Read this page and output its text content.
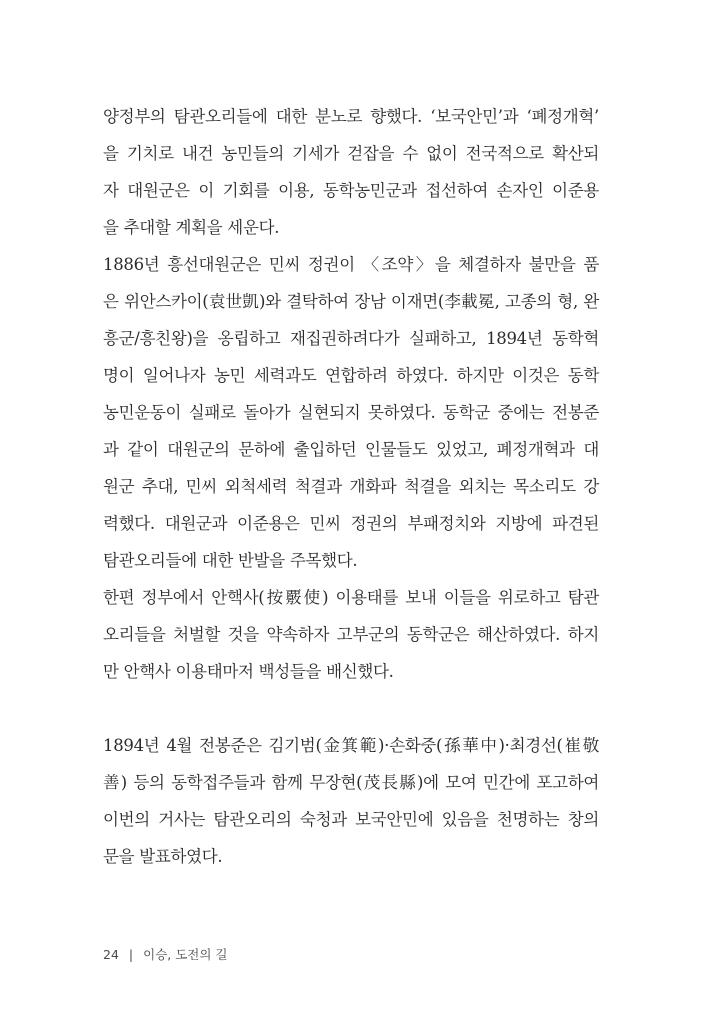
양정부의 탐관오리들에 대한 분노로 향했다. ‘보국안민’과 ‘폐정개혁’
을 기치로 내건 농민들의 기세가 걷잡을 수 없이 전국적으로 확산되
자 대원군은 이 기회를 이용, 동학농민군과 접선하여 손자인 이준용
을 추대할 계획을 세운다.
1886년 흥선대원군은 민씨 정권이 〈조약〉을 체결하자 불만을 품
은 위안스카이(袁世凱)와 결탁하여 장남 이재면(李載冕, 고종의 형, 완
흥군/흥친왕)을 옹립하고 재집권하려다가 실패하고, 1894년 동학혁
명이 일어나자 농민 세력과도 연합하려 하였다. 하지만 이것은 동학
농민운동이 실패로 돌아가 실현되지 못하였다. 동학군 중에는 전봉준
과 같이 대원군의 문하에 출입하던 인물들도 있었고, 폐정개혁과 대
원군 추대, 민씨 외척세력 척결과 개화파 척결을 외치는 목소리도 강
력했다. 대원군과 이준용은 민씨 정권의 부패정치와 지방에 파견된
탐관오리들에 대한 반발을 주목했다.
한편 정부에서 안핵사(按覈使) 이용태를 보내 이들을 위로하고 탐관
오리들을 처벌할 것을 약속하자 고부군의 동학군은 해산하였다. 하지
만 안핵사 이용태마저 백성들을 배신했다.
1894년 4월 전봉준은 김기범(金箕範)·손화중(孫華中)·최경선(崔敬
善) 등의 동학접주들과 함께 무장현(茂長縣)에 모여 민간에 포고하여
이번의 거사는 탐관오리의 숙청과 보국안민에 있음을 천명하는 창의
문을 발표하였다.
24 | 이승, 도전의 길
